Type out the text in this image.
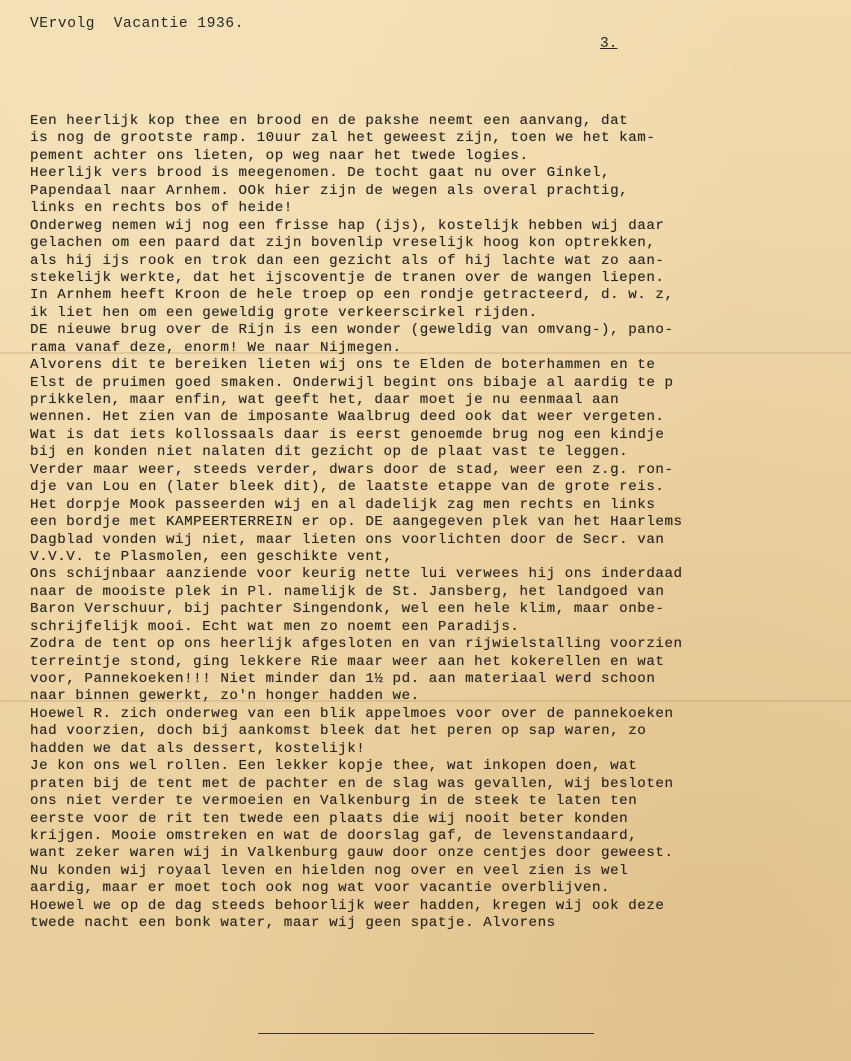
VErvolg  Vacantie 1936.
3.
Een heerlijk kop thee en brood en de pakshe neemt een aanvang, dat
is nog de grootste ramp. 10uur zal het geweest zijn, toen we het kam-
pement achter ons lieten, op weg naar het twede logies.
Heerlijk vers brood is meegenomen. De tocht gaat nu over Ginkel,
Papendaal naar Arnhem. OOk hier zijn de wegen als overal prachtig,
links en rechts bos of heide!
Onderweg nemen wij nog een frisse hap (ijs), kostelijk hebben wij daar
gelachen om een paard dat zijn bovenlip vreselijk hoog kon optrekken,
als hij ijs rook en trok dan een gezicht als of hij lachte wat zo aan-
stekelijk werkte, dat het ijscoventje de tranen over de wangen liepen.
In Arnhem heeft Kroon de hele troep op een rondje getracteerd, d. w. z,
ik liet hen om een geweldig grote verkeerscirkel rijden.
DE nieuwe brug over de Rijn is een wonder (geweldig van omvang-), pano-
rama vanaf deze, enorm! We naar Nijmegen.
Alvorens dit te bereiken lieten wij ons te Elden de boterhammen en te
Elst de pruimen goed smaken. Onderwijl begint ons bibaje al aardig te p
prikkelen, maar enfin, wat geeft het, daar moet je nu eenmaal aan
wennen. Het zien van de imposante Waalbrug deed ook dat weer vergeten.
Wat is dat iets kollossaals daar is eerst genoemde brug nog een kindje
bij en konden niet nalaten dit gezicht op de plaat vast te leggen.
Verder maar weer, steeds verder, dwars door de stad, weer een z.g. ron-
dje van Lou en (later bleek dit), de laatste etappe van de grote reis.
Het dorpje Mook passeerden wij en al dadelijk zag men rechts en links
een bordje met KAMPEERTERREIN er op. DE aangegeven plek van het Haarlems
Dagblad vonden wij niet, maar lieten ons voorlichten door de Secr. van
V.V.V. te Plasmolen, een geschikte vent,
Ons schijnbaar aanziende voor keurig nette lui verwees hij ons inderdaad
naar de mooiste plek in Pl. namelijk de St. Jansberg, het landgoed van
Baron Verschuur, bij pachter Singendonk, wel een hele klim, maar onbe-
schrijfelijk mooi. Echt wat men zo noemt een Paradijs.
Zodra de tent op ons heerlijk afgesloten en van rijwielstalling voorzien
terreintje stond, ging lekkere Rie maar weer aan het kokerellen en wat
voor, Pannekoeken!!! Niet minder dan 1½ pd. aan materiaal werd schoon
naar binnen gewerkt, zo'n honger hadden we.
Hoewel R. zich onderweg van een blik appelmoes voor over de pannekoeken
had voorzien, doch bij aankomst bleek dat het peren op sap waren, zo
hadden we dat als dessert, kostelijk!
Je kon ons wel rollen. Een lekker kopje thee, wat inkopen doen, wat
praten bij de tent met de pachter en de slag was gevallen, wij besloten
ons niet verder te vermoeien en Valkenburg in de steek te laten ten
eerste voor de rit ten twede een plaats die wij nooit beter konden
krijgen. Mooie omstreken en wat de doorslag gaf, de levenstandaard,
want zeker waren wij in Valkenburg gauw door onze centjes door geweest.
Nu konden wij royaal leven en hielden nog over en veel zien is wel
aardig, maar er moet toch ook nog wat voor vacantie overblijven.
Hoewel we op de dag steeds behoorlijk weer hadden, kregen wij ook deze
twede nacht een bonk water, maar wij geen spatje. Alvorens
